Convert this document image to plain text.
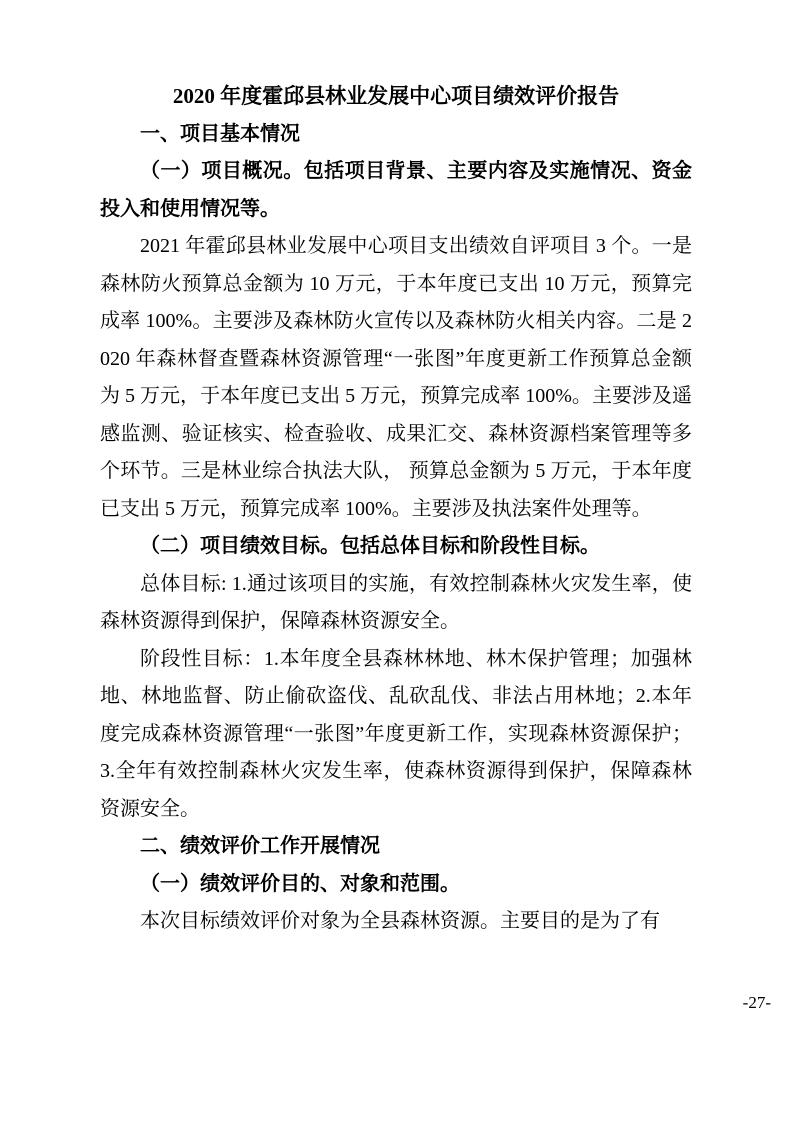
2020 年度霍邱县林业发展中心项目绩效评价报告

一、项目基本情况

（一）项目概况。包括项目背景、主要内容及实施情况、资金投入和使用情况等。

2021 年霍邱县林业发展中心项目支出绩效自评项目 3 个。一是森林防火预算总金额为 10 万元，于本年度已支出 10 万元，预算完成率 100%。主要涉及森林防火宣传以及森林防火相关内容。二是 2020 年森林督查暨森林资源管理“一张图”年度更新工作预算总金额为 5 万元，于本年度已支出 5 万元，预算完成率 100%。主要涉及遥感监测、验证核实、检查验收、成果汇交、森林资源档案管理等多个环节。三是林业综合执法大队， 预算总金额为 5 万元，于本年度已支出 5 万元，预算完成率 100%。主要涉及执法案件处理等。

（二）项目绩效目标。包括总体目标和阶段性目标。

总体目标: 1.通过该项目的实施，有效控制森林火灾发生率，使森林资源得到保护，保障森林资源安全。

阶段性目标：1.本年度全县森林林地、林木保护管理；加强林地、林地监督、防止偷砍盗伐、乱砍乱伐、非法占用林地；2.本年度完成森林资源管理“一张图”年度更新工作，实现森林资源保护；3.全年有效控制森林火灾发生率，使森林资源得到保护，保障森林资源安全。

二、绩效评价工作开展情况

（一）绩效评价目的、对象和范围。

本次目标绩效评价对象为全县森林资源。主要目的是为了有

-27-
